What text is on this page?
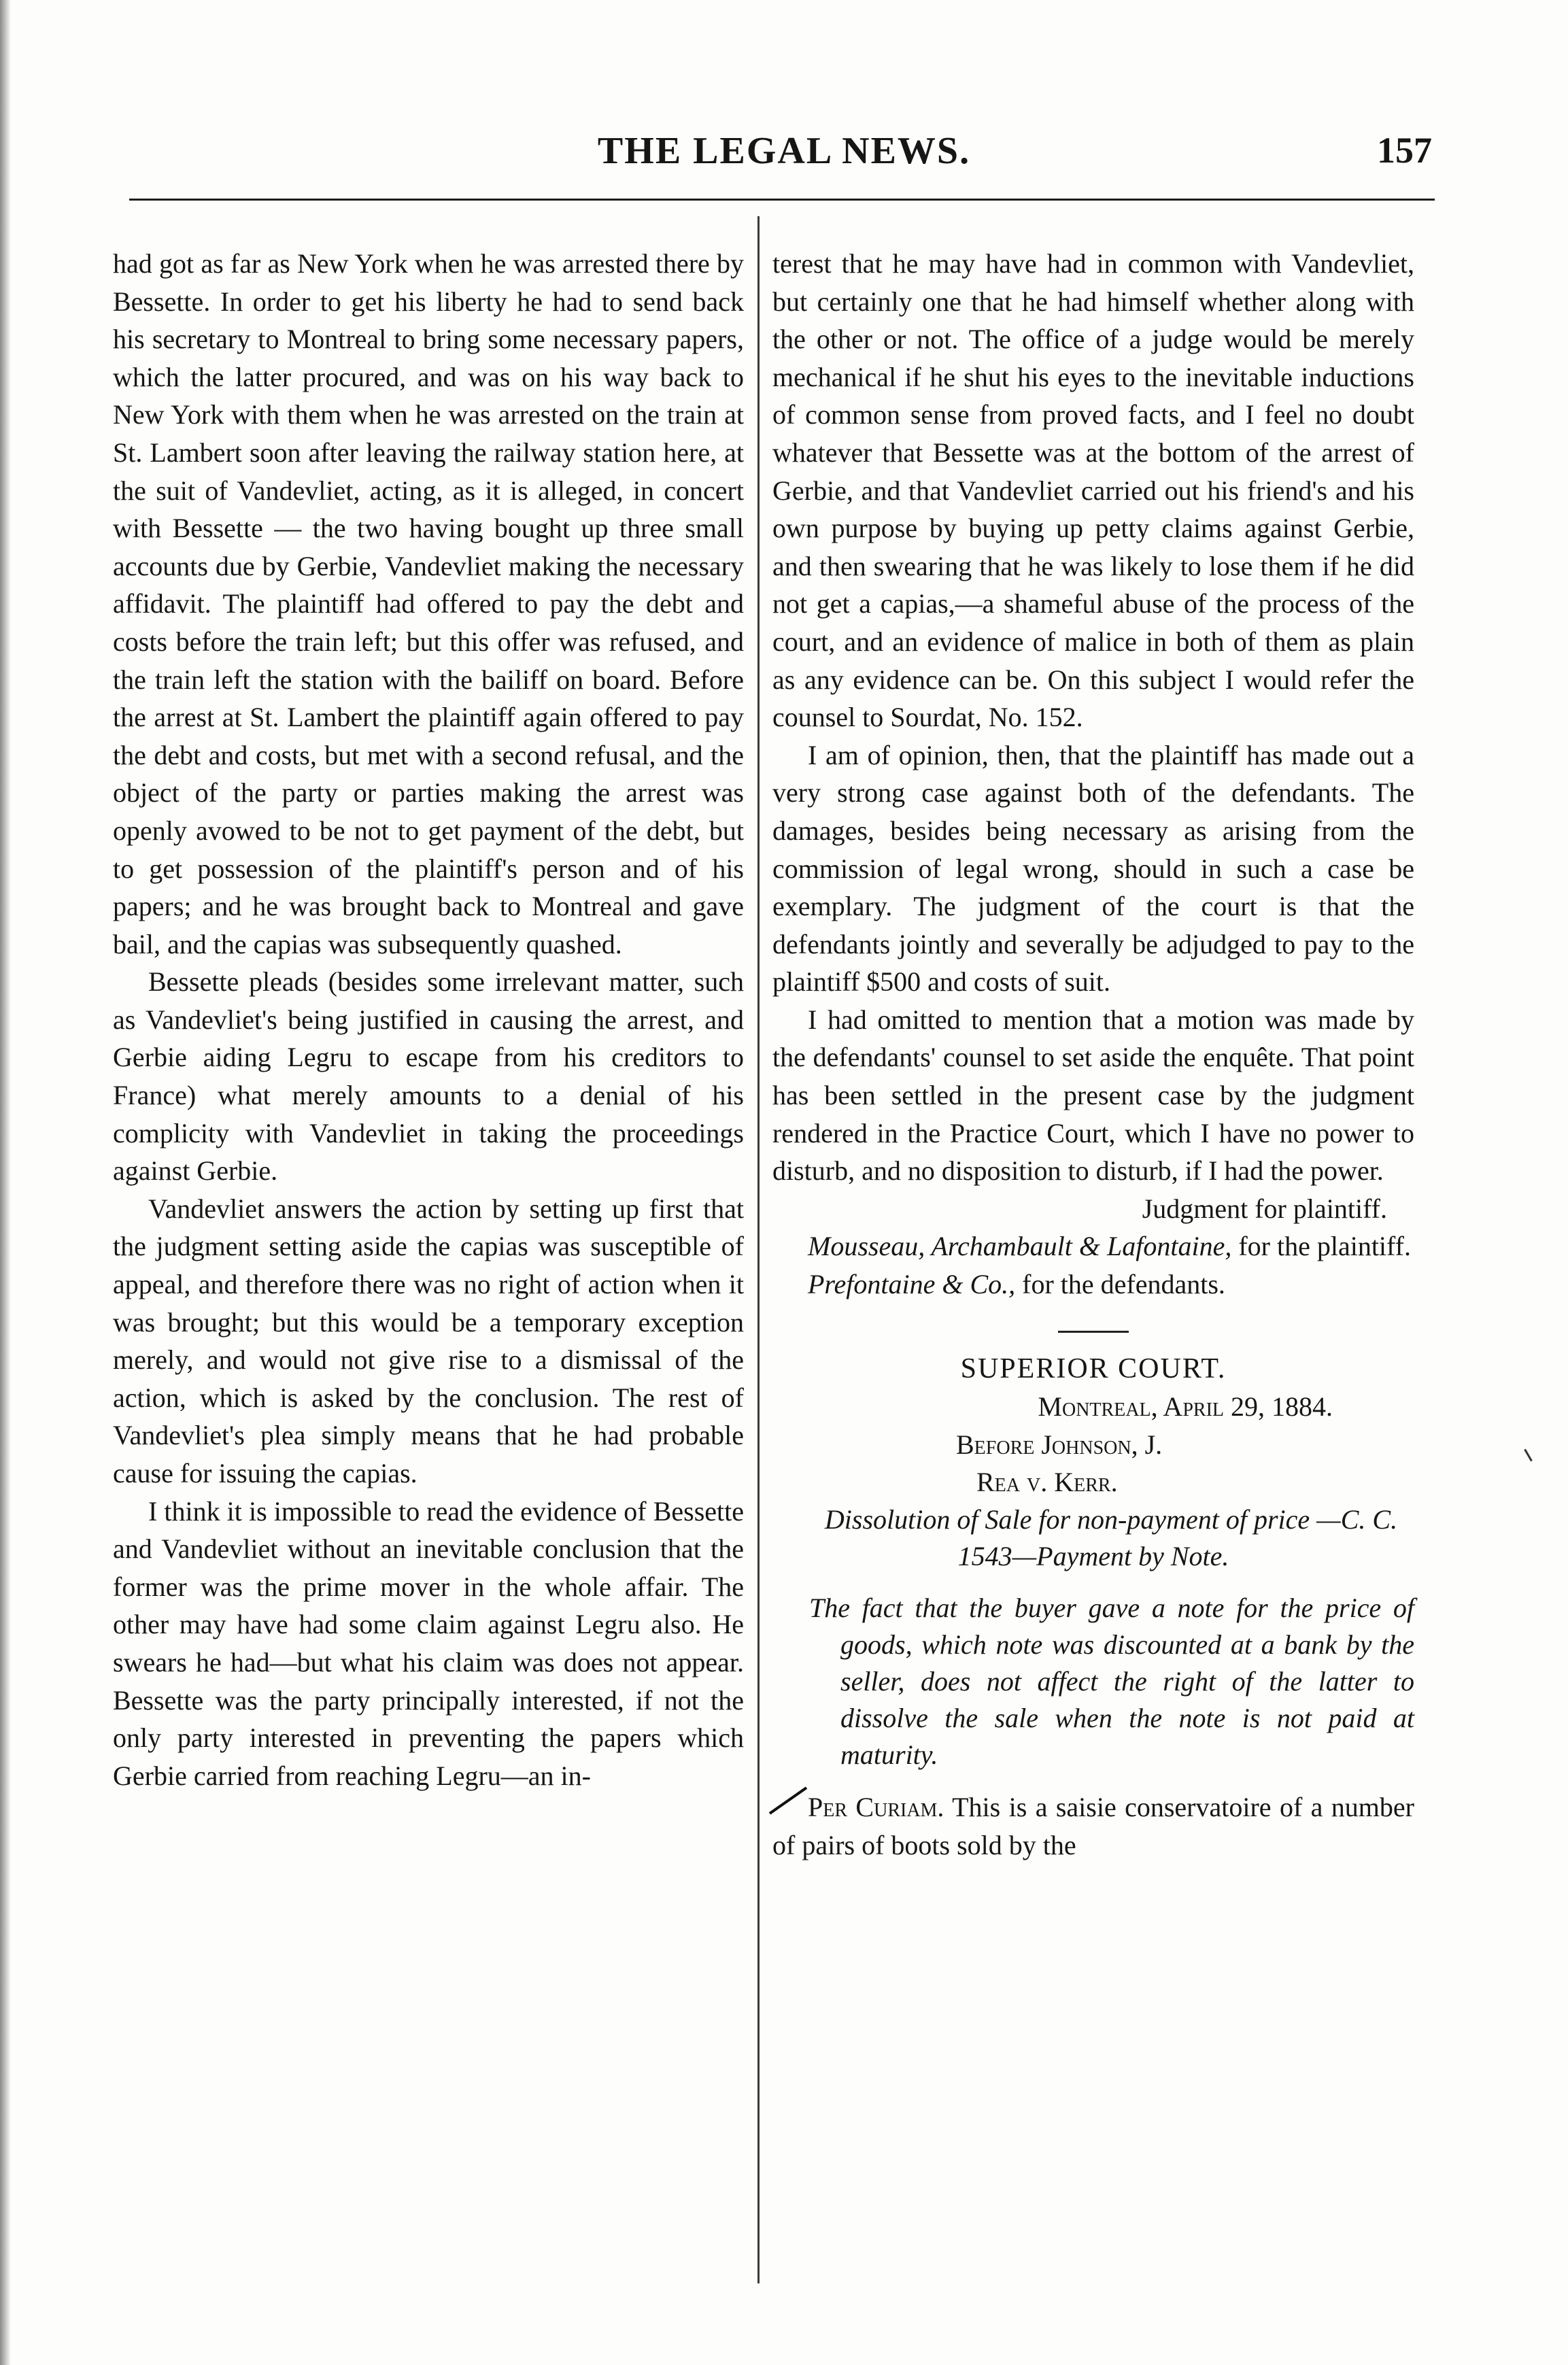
THE LEGAL NEWS.	157

had got as far as New York when he was arrested there by Bessette. In order to get his liberty he had to send back his secretary to Montreal to bring some necessary papers, which the latter procured, and was on his way back to New York with them when he was arrested on the train at St. Lambert soon after leaving the railway station here, at the suit of Vandevliet, acting, as it is alleged, in concert with Bessette — the two having bought up three small accounts due by Gerbie, Vandevliet making the necessary affidavit. The plaintiff had offered to pay the debt and costs before the train left; but this offer was refused, and the train left the station with the bailiff on board. Before the arrest at St. Lambert the plaintiff again offered to pay the debt and costs, but met with a second refusal, and the object of the party or parties making the arrest was openly avowed to be not to get payment of the debt, but to get possession of the plaintiff's person and of his papers; and he was brought back to Montreal and gave bail, and the capias was subsequently quashed.

Bessette pleads (besides some irrelevant matter, such as Vandevliet's being justified in causing the arrest, and Gerbie aiding Legru to escape from his creditors to France) what merely amounts to a denial of his complicity with Vandevliet in taking the proceedings against Gerbie.

Vandevliet answers the action by setting up first that the judgment setting aside the capias was susceptible of appeal, and therefore there was no right of action when it was brought; but this would be a temporary exception merely, and would not give rise to a dismissal of the action, which is asked by the conclusion. The rest of Vandevliet's plea simply means that he had probable cause for issuing the capias.

I think it is impossible to read the evidence of Bessette and Vandevliet without an inevitable conclusion that the former was the prime mover in the whole affair. The other may have had some claim against Legru also. He swears he had—but what his claim was does not appear. Bessette was the party principally interested, if not the only party interested in preventing the papers which Gerbie carried from reaching Legru—an in-

terest that he may have had in common with Vandevliet, but certainly one that he had himself whether along with the other or not. The office of a judge would be merely mechanical if he shut his eyes to the inevitable inductions of common sense from proved facts, and I feel no doubt whatever that Bessette was at the bottom of the arrest of Gerbie, and that Vandevliet carried out his friend's and his own purpose by buying up petty claims against Gerbie, and then swearing that he was likely to lose them if he did not get a capias,—a shameful abuse of the process of the court, and an evidence of malice in both of them as plain as any evidence can be. On this subject I would refer the counsel to Sourdat, No. 152.

I am of opinion, then, that the plaintiff has made out a very strong case against both of the defendants. The damages, besides being necessary as arising from the commission of legal wrong, should in such a case be exemplary. The judgment of the court is that the defendants jointly and severally be adjudged to pay to the plaintiff $500 and costs of suit.

I had omitted to mention that a motion was made by the defendants' counsel to set aside the enquête. That point has been settled in the present case by the judgment rendered in the Practice Court, which I have no power to disturb, and no disposition to disturb, if I had the power.

Judgment for plaintiff.

Mousseau, Archambault & Lafontaine, for the plaintiff.

Prefontaine & Co., for the defendants.

SUPERIOR COURT.

Montreal, April 29, 1884.

Before Johnson, J.

Rea v. Kerr.

Dissolution of Sale for non-payment of price —C. C. 1543—Payment by Note.

The fact that the buyer gave a note for the price of goods, which note was discounted at a bank by the seller, does not affect the right of the latter to dissolve the sale when the note is not paid at maturity.

Per Curiam. This is a saisie conservatoire of a number of pairs of boots sold by the
